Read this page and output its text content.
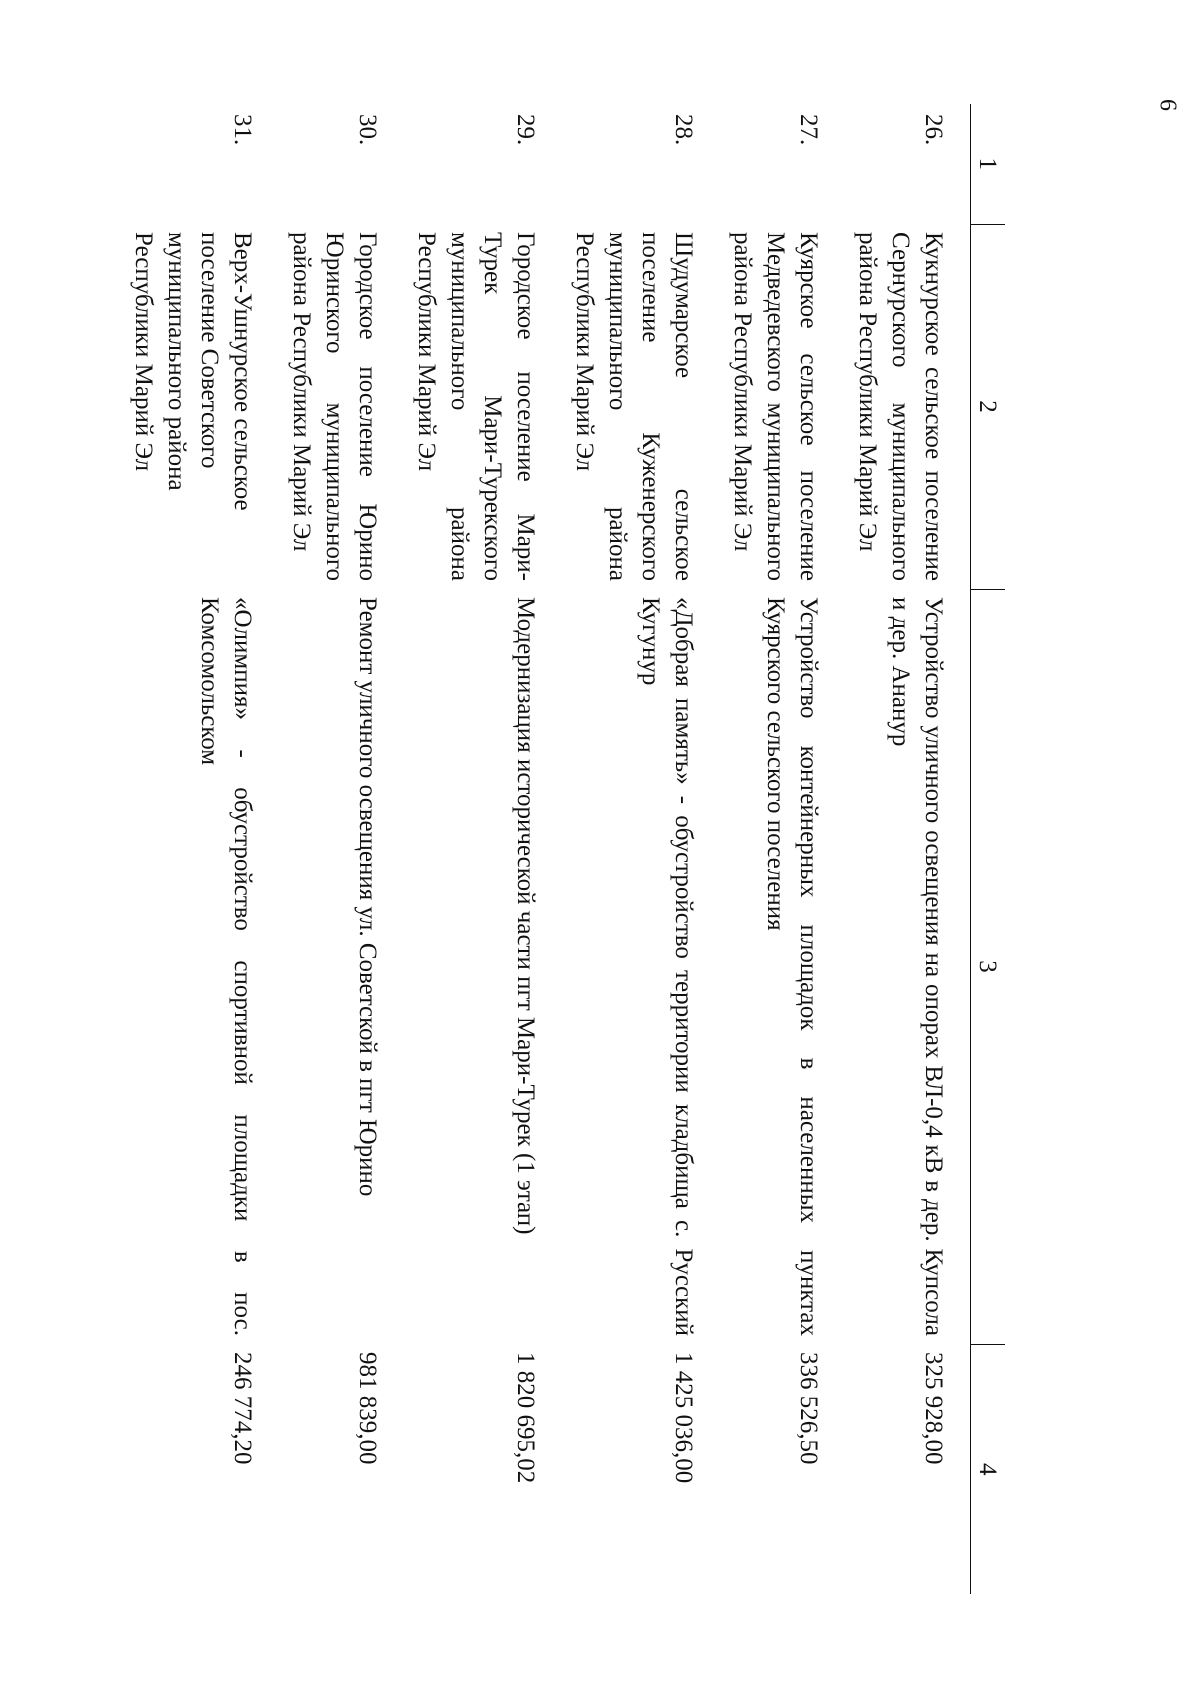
6
1	2	3	4
26.	Кукнурское сельское поселение Сернурского муниципального района Республики Марий Эл	Устройство уличного освещения на опорах ВЛ-0,4 кВ в дер. Купсола и дер. Ананур	325 928,00
27.	Куярское сельское поселение Медведевского муниципального района Республики Марий Эл	Устройство контейнерных площадок в населенных пунктах Куярского сельского поселения	336 526,50
28.	Шудумарское сельское поселение Куженерского муниципального района Республики Марий Эл	«Добрая память» - обустройство территории кладбища с. Русский Кугунур	1 425 036,00
29.	Городское поселение Мари-Турек Мари-Турекского муниципального района Республики Марий Эл	Модернизация исторической части пгт Мари-Турек (1 этап)	1 820 695,02
30.	Городское поселение Юрино Юринского муниципального района Республики Марий Эл	Ремонт уличного освещения ул. Советской в пгт Юрино	981 839,00
31.	Верх-Ушнурское сельское поселение Советского муниципального района Республики Марий Эл	«Олимпия» - обустройство спортивной площадки в пос. Комсомольском	246 774,20
